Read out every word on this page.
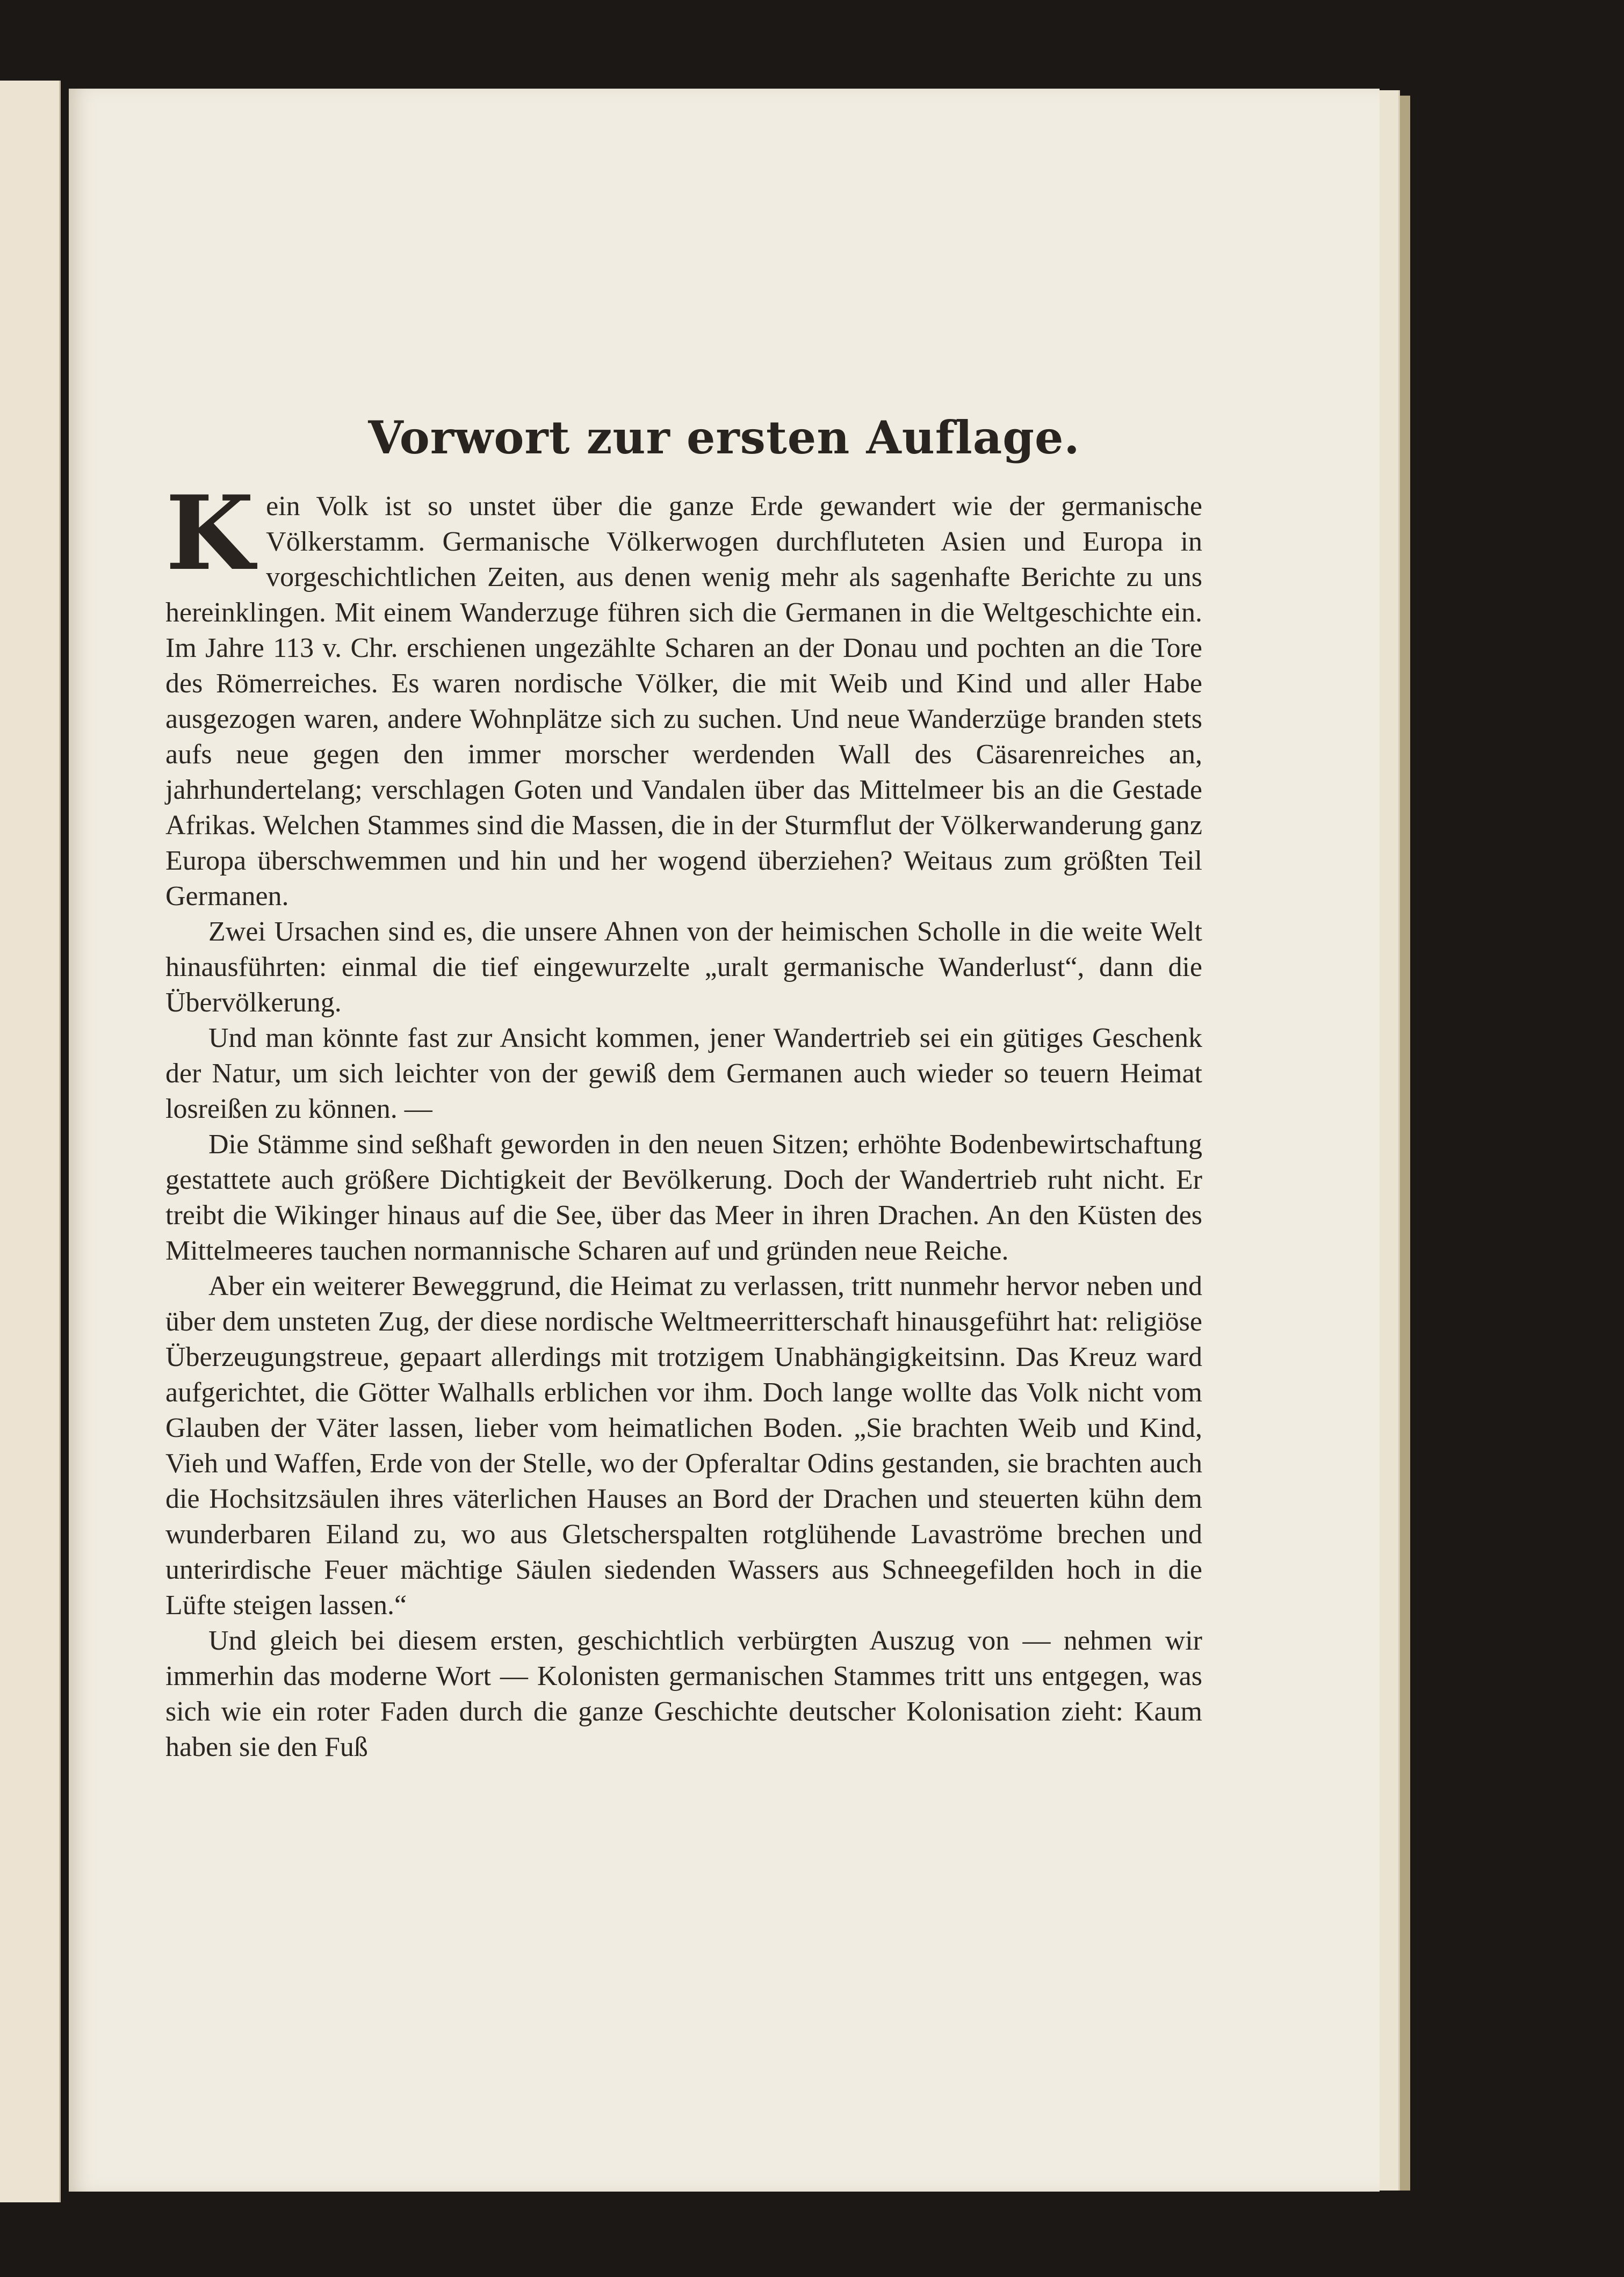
Vorwort zur ersten Auflage.

Kein Volk ist so unstet über die ganze Erde gewandert wie der germanische Völkerstamm. Germanische Völkerwogen durchfluteten Asien und Europa in vorgeschichtlichen Zeiten, aus denen wenig mehr als sagenhafte Berichte zu uns hereinklingen. Mit einem Wanderzuge führen sich die Germanen in die Weltgeschichte ein. Im Jahre 113 v. Chr. erschienen ungezählte Scharen an der Donau und pochten an die Tore des Römerreiches. Es waren nordische Völker, die mit Weib und Kind und aller Habe ausgezogen waren, andere Wohnplätze sich zu suchen. Und neue Wanderzüge branden stets aufs neue gegen den immer morscher werdenden Wall des Cäsarenreiches an, jahrhundertelang; verschlagen Goten und Vandalen über das Mittelmeer bis an die Gestade Afrikas. Welchen Stammes sind die Massen, die in der Sturmflut der Völkerwanderung ganz Europa überschwemmen und hin und her wogend überziehen? Weitaus zum größten Teil Germanen.

Zwei Ursachen sind es, die unsere Ahnen von der heimischen Scholle in die weite Welt hinausführten: einmal die tief eingewurzelte „uralt germanische Wanderlust“, dann die Übervölkerung.

Und man könnte fast zur Ansicht kommen, jener Wandertrieb sei ein gütiges Geschenk der Natur, um sich leichter von der gewiß dem Germanen auch wieder so teuern Heimat losreißen zu können. —

Die Stämme sind seßhaft geworden in den neuen Sitzen; erhöhte Bodenbewirtschaftung gestattete auch größere Dichtigkeit der Bevölkerung. Doch der Wandertrieb ruht nicht. Er treibt die Wikinger hinaus auf die See, über das Meer in ihren Drachen. An den Küsten des Mittelmeeres tauchen normannische Scharen auf und gründen neue Reiche.

Aber ein weiterer Beweggrund, die Heimat zu verlassen, tritt nunmehr hervor neben und über dem unsteten Zug, der diese nordische Weltmeerritterschaft hinausgeführt hat: religiöse Überzeugungstreue, gepaart allerdings mit trotzigem Unabhängigkeitsinn. Das Kreuz ward aufgerichtet, die Götter Walhalls erblichen vor ihm. Doch lange wollte das Volk nicht vom Glauben der Väter lassen, lieber vom heimatlichen Boden. „Sie brachten Weib und Kind, Vieh und Waffen, Erde von der Stelle, wo der Opferaltar Odins gestanden, sie brachten auch die Hochsitzsäulen ihres väterlichen Hauses an Bord der Drachen und steuerten kühn dem wunderbaren Eiland zu, wo aus Gletscherspalten rotglühende Lavaströme brechen und unterirdische Feuer mächtige Säulen siedenden Wassers aus Schneegefilden hoch in die Lüfte steigen lassen.“

Und gleich bei diesem ersten, geschichtlich verbürgten Auszug von — nehmen wir immerhin das moderne Wort — Kolonisten germanischen Stammes tritt uns entgegen, was sich wie ein roter Faden durch die ganze Geschichte deutscher Kolonisation zieht: Kaum haben sie den Fuß
